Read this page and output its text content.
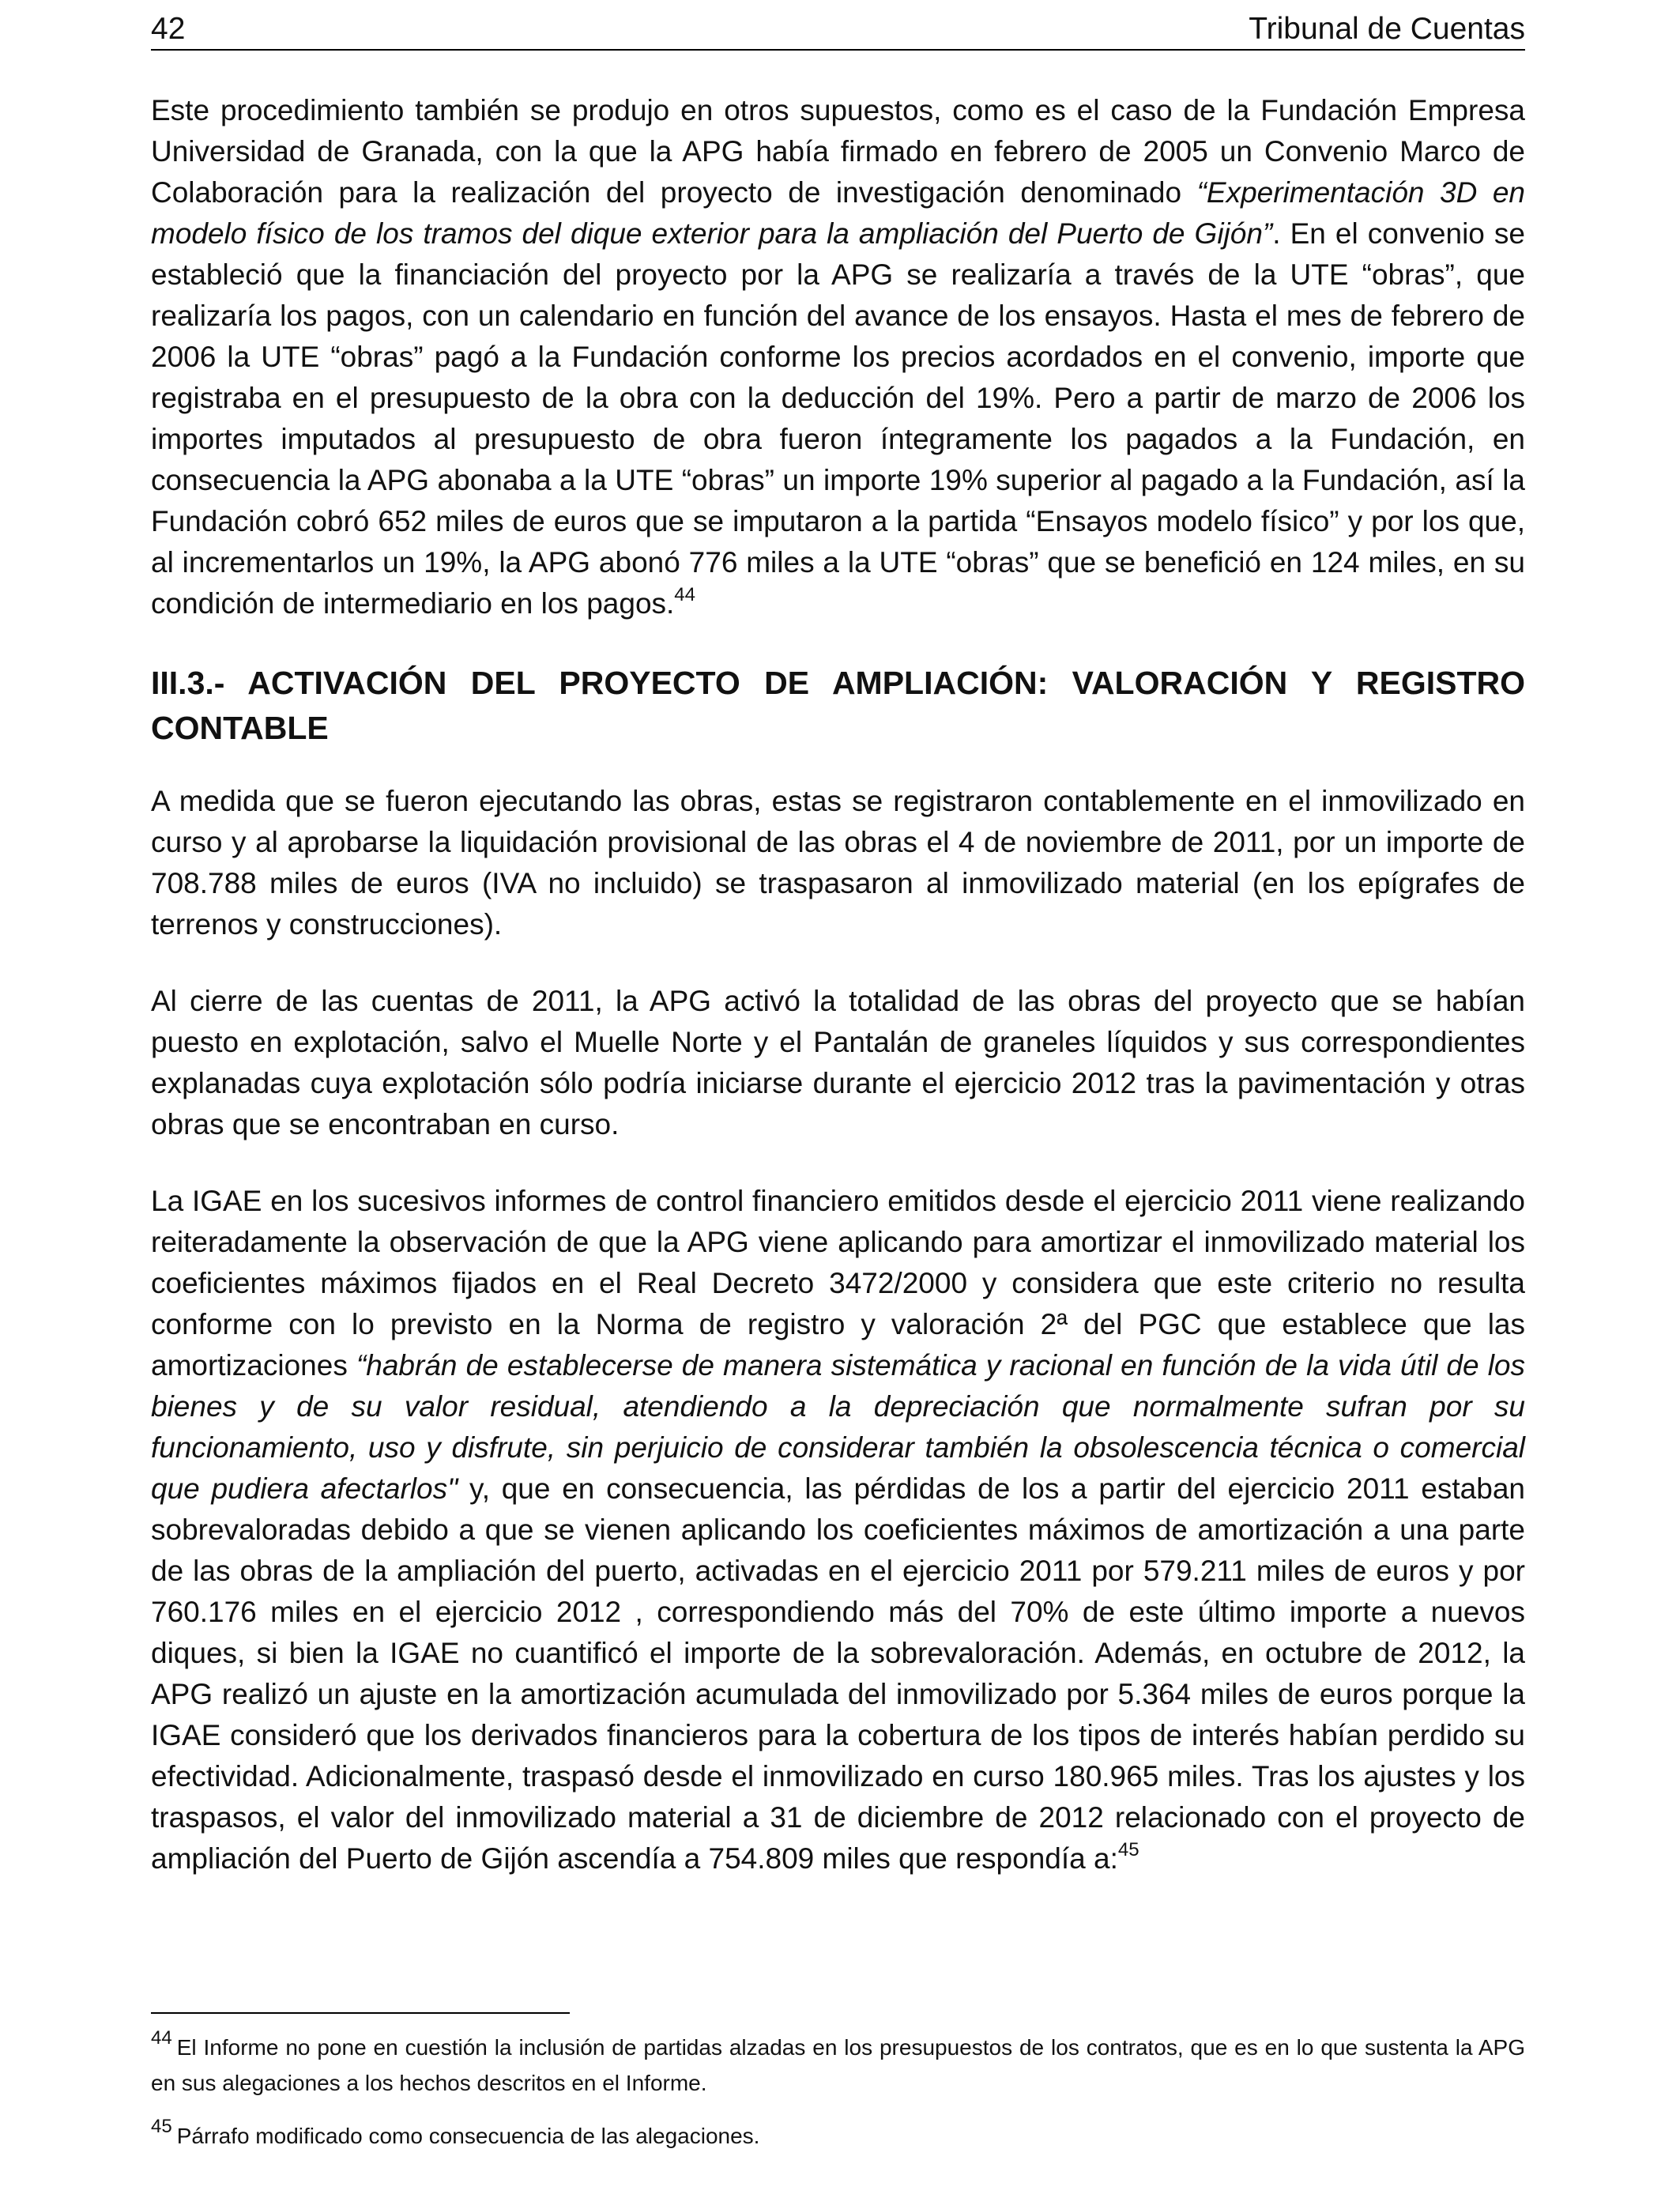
42	Tribunal de Cuentas

Este procedimiento también se produjo en otros supuestos, como es el caso de la Fundación Empresa Universidad de Granada, con la que la APG había firmado en febrero de 2005 un Convenio Marco de Colaboración para la realización del proyecto de investigación denominado “Experimentación 3D en modelo físico de los tramos del dique exterior para la ampliación del Puerto de Gijón”. En el convenio se estableció que la financiación del proyecto por la APG se realizaría a través de la UTE “obras”, que realizaría los pagos, con un calendario en función del avance de los ensayos. Hasta el mes de febrero de 2006 la UTE “obras” pagó a la Fundación conforme los precios acordados en el convenio, importe que registraba en el presupuesto de la obra con la deducción del 19%. Pero a partir de marzo de 2006 los importes imputados al presupuesto de obra fueron íntegramente los pagados a la Fundación, en consecuencia la APG abonaba a la UTE “obras” un importe 19% superior al pagado a la Fundación, así la Fundación cobró 652 miles de euros que se imputaron a la partida “Ensayos modelo físico” y por los que, al incrementarlos un 19%, la APG abonó 776 miles a la UTE “obras” que se benefició en 124 miles, en su condición de intermediario en los pagos.$^{44}$

III.3.- ACTIVACIÓN DEL PROYECTO DE AMPLIACIÓN: VALORACIÓN Y REGISTRO CONTABLE

A medida que se fueron ejecutando las obras, estas se registraron contablemente en el inmovilizado en curso y al aprobarse la liquidación provisional de las obras el 4 de noviembre de 2011, por un importe de 708.788 miles de euros (IVA no incluido) se traspasaron al inmovilizado material (en los epígrafes de terrenos y construcciones).

Al cierre de las cuentas de 2011, la APG activó la totalidad de las obras del proyecto que se habían puesto en explotación, salvo el Muelle Norte y el Pantalán de graneles líquidos y sus correspondientes explanadas cuya explotación sólo podría iniciarse durante el ejercicio 2012 tras la pavimentación y otras obras que se encontraban en curso.

La IGAE en los sucesivos informes de control financiero emitidos desde el ejercicio 2011 viene realizando reiteradamente la observación de que la APG viene aplicando para amortizar el inmovilizado material los coeficientes máximos fijados en el Real Decreto 3472/2000 y considera que este criterio no resulta conforme con lo previsto en la Norma de registro y valoración 2ª del PGC que establece que las amortizaciones “habrán de establecerse de manera sistemática y racional en función de la vida útil de los bienes y de su valor residual, atendiendo a la depreciación que normalmente sufran por su funcionamiento, uso y disfrute, sin perjuicio de considerar también la obsolescencia técnica o comercial que pudiera afectarlos" y, que en consecuencia, las pérdidas de los a partir del ejercicio 2011 estaban sobrevaloradas debido a que se vienen aplicando los coeficientes máximos de amortización a una parte de las obras de la ampliación del puerto, activadas en el ejercicio 2011 por 579.211 miles de euros y por 760.176 miles en el ejercicio 2012 , correspondiendo más del 70% de este último importe a nuevos diques, si bien la IGAE no cuantificó el importe de la sobrevaloración. Además, en octubre de 2012, la APG realizó un ajuste en la amortización acumulada del inmovilizado por 5.364 miles de euros porque la IGAE consideró que los derivados financieros para la cobertura de los tipos de interés habían perdido su efectividad. Adicionalmente, traspasó desde el inmovilizado en curso 180.965 miles. Tras los ajustes y los traspasos, el valor del inmovilizado material a 31 de diciembre de 2012 relacionado con el proyecto de ampliación del Puerto de Gijón ascendía a 754.809 miles que respondía a:$^{45}$

44 El Informe no pone en cuestión la inclusión de partidas alzadas en los presupuestos de los contratos, que es en lo que sustenta la APG en sus alegaciones a los hechos descritos en el Informe.

45 Párrafo modificado como consecuencia de las alegaciones.
